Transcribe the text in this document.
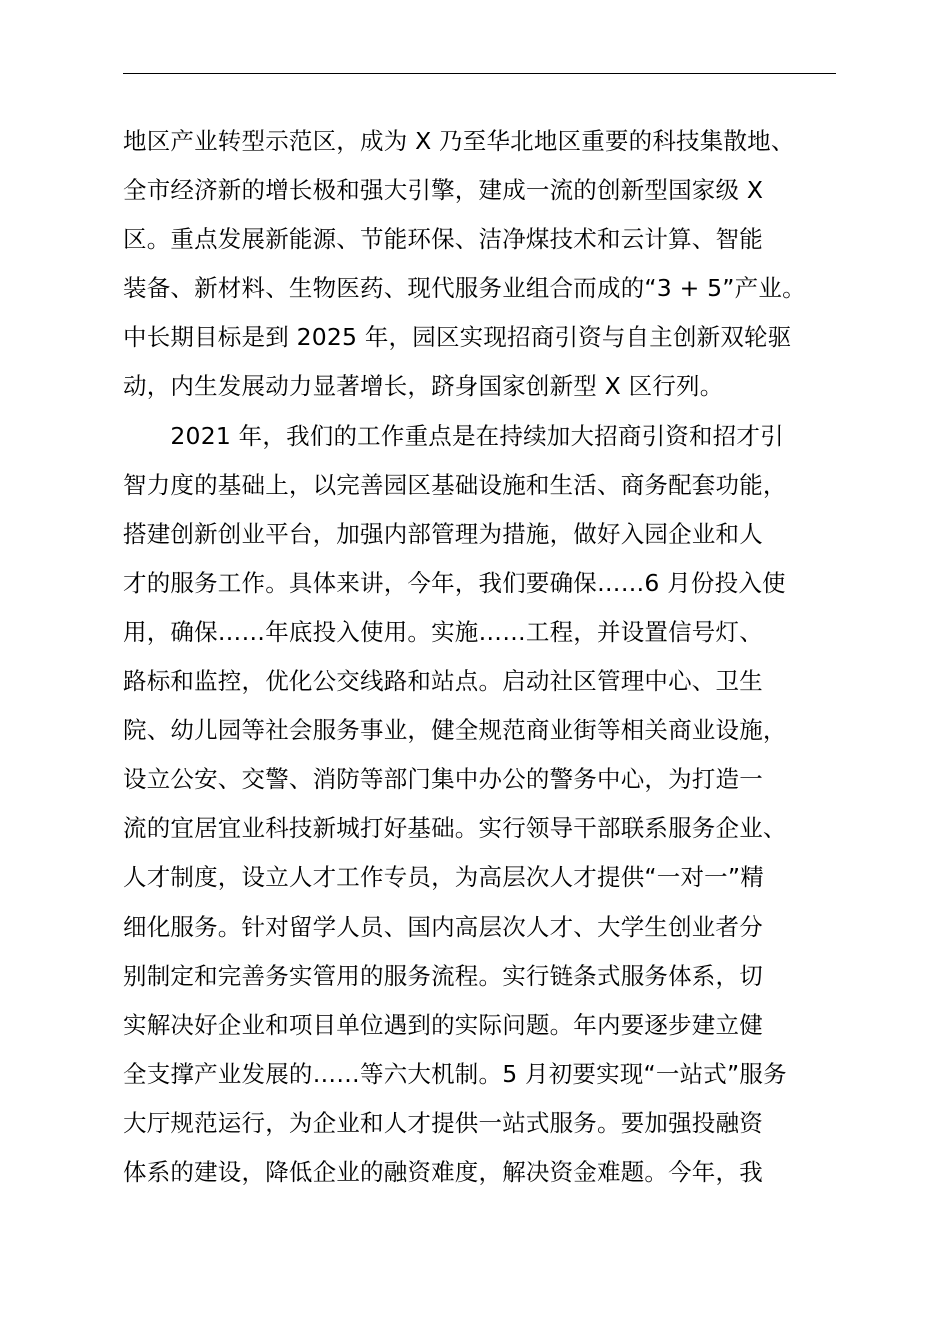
地区产业转型示范区，成为 X 乃至华北地区重要的科技集散地、
全市经济新的增长极和强大引擎，建成一流的创新型国家级 X
区。重点发展新能源、节能环保、洁净煤技术和云计算、智能
装备、新材料、生物医药、现代服务业组合而成的“3 + 5”产业。
中长期目标是到 2025 年，园区实现招商引资与自主创新双轮驱
动，内生发展动力显著增长，跻身国家创新型 X 区行列。
　　2021 年，我们的工作重点是在持续加大招商引资和招才引
智力度的基础上，以完善园区基础设施和生活、商务配套功能，
搭建创新创业平台，加强内部管理为措施，做好入园企业和人
才的服务工作。具体来讲，今年，我们要确保……6 月份投入使
用，确保……年底投入使用。实施……工程，并设置信号灯、
路标和监控，优化公交线路和站点。启动社区管理中心、卫生
院、幼儿园等社会服务事业，健全规范商业街等相关商业设施，
设立公安、交警、消防等部门集中办公的警务中心，为打造一
流的宜居宜业科技新城打好基础。实行领导干部联系服务企业、
人才制度，设立人才工作专员，为高层次人才提供“一对一”精
细化服务。针对留学人员、国内高层次人才、大学生创业者分
别制定和完善务实管用的服务流程。实行链条式服务体系，切
实解决好企业和项目单位遇到的实际问题。年内要逐步建立健
全支撑产业发展的……等六大机制。5 月初要实现“一站式”服务
大厅规范运行，为企业和人才提供一站式服务。要加强投融资
体系的建设，降低企业的融资难度，解决资金难题。今年，我
